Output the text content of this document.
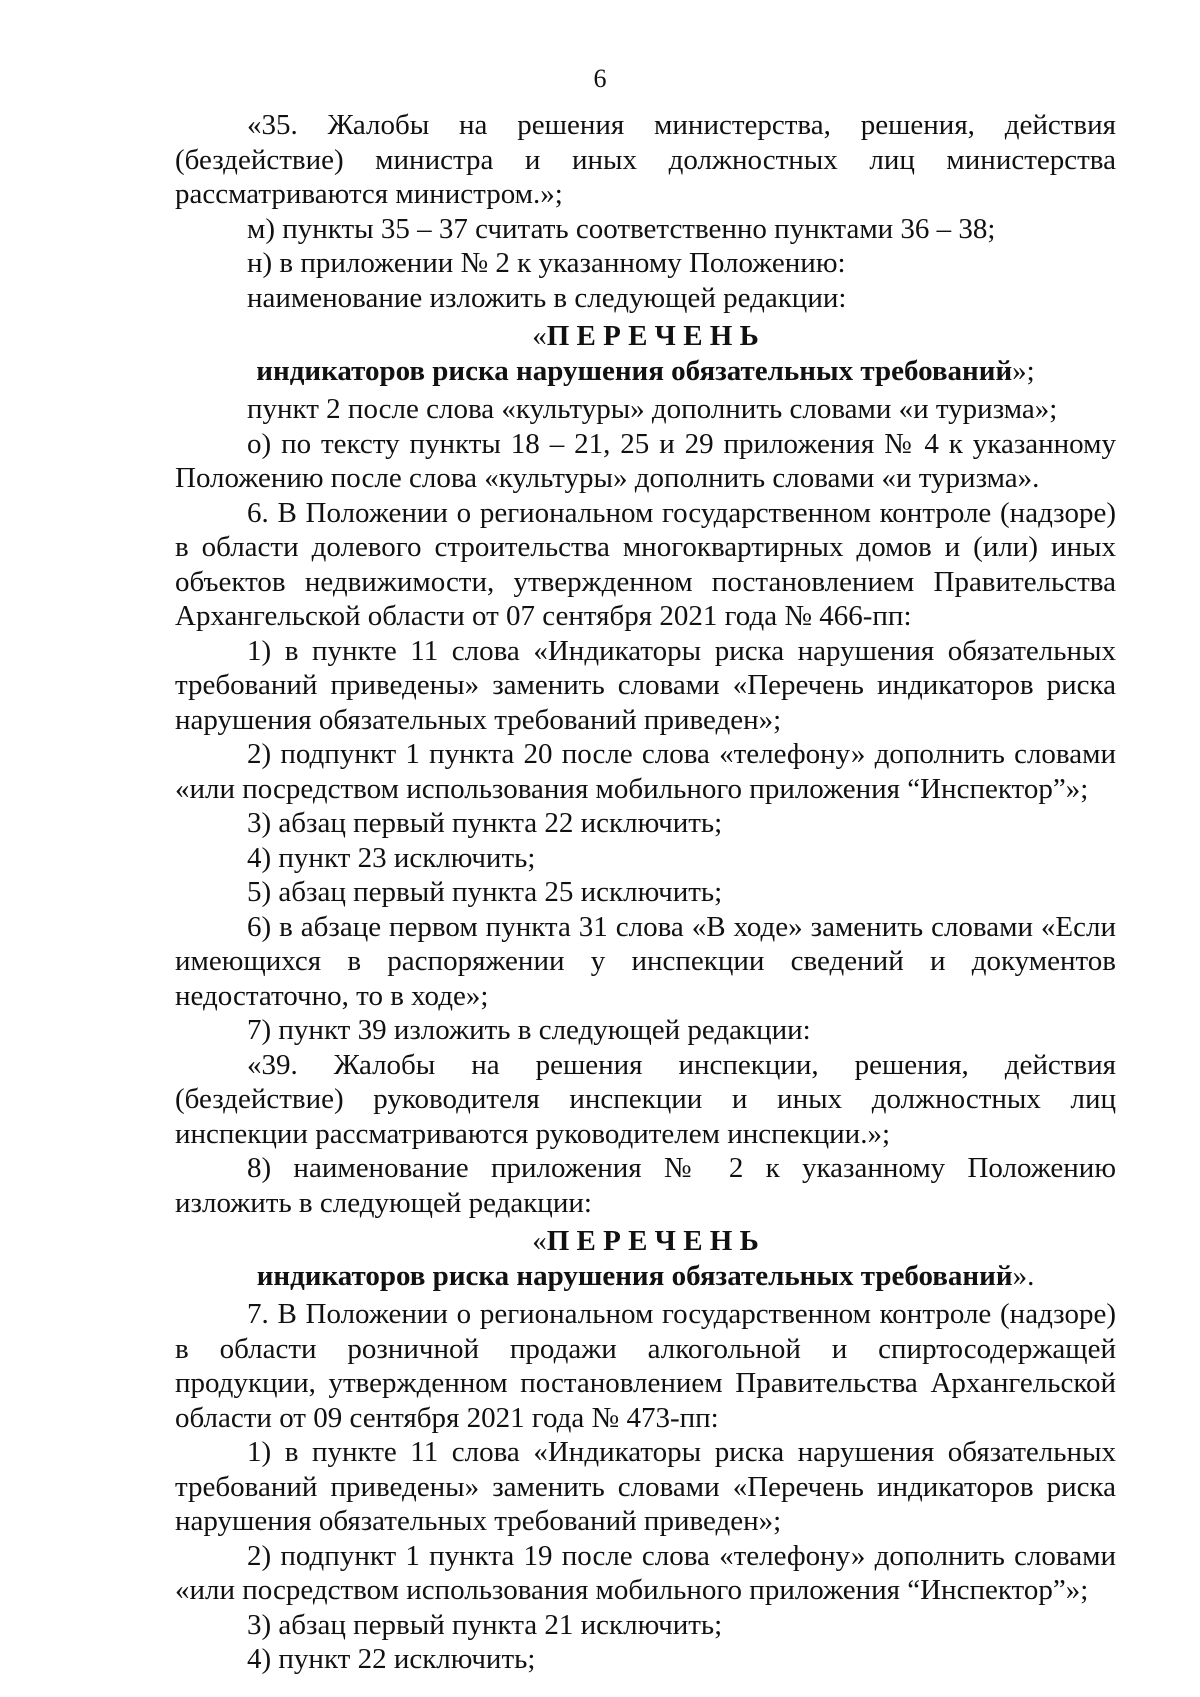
6

«35. Жалобы на решения министерства, решения, действия (бездействие) министра и иных должностных лиц министерства рассматриваются министром.»;

м) пункты 35 – 37 считать соответственно пунктами 36 – 38;

н) в приложении № 2 к указанному Положению:

наименование изложить в следующей редакции:

«П Е Р Е Ч Е Н Ь

индикаторов риска нарушения обязательных требований»;

пункт 2 после слова «культуры» дополнить словами «и туризма»;

о) по тексту пункты 18 – 21, 25 и 29 приложения № 4 к указанному Положению после слова «культуры» дополнить словами «и туризма».

6. В Положении о региональном государственном контроле (надзоре) в области долевого строительства многоквартирных домов и (или) иных объектов недвижимости, утвержденном постановлением Правительства Архангельской области от 07 сентября 2021 года № 466-пп:

1) в пункте 11 слова «Индикаторы риска нарушения обязательных требований приведены» заменить словами «Перечень индикаторов риска нарушения обязательных требований приведен»;

2) подпункт 1 пункта 20 после слова «телефону» дополнить словами «или посредством использования мобильного приложения “Инспектор”»;

3) абзац первый пункта 22 исключить;

4) пункт 23 исключить;

5) абзац первый пункта 25 исключить;

6) в абзаце первом пункта 31 слова «В ходе» заменить словами «Если имеющихся в распоряжении у инспекции сведений и документов недостаточно, то в ходе»;

7) пункт 39 изложить в следующей редакции:

«39. Жалобы на решения инспекции, решения, действия (бездействие) руководителя инспекции и иных должностных лиц инспекции рассматриваются руководителем инспекции.»;

8) наименование приложения № 2 к указанному Положению изложить в следующей редакции:

«П Е Р Е Ч Е Н Ь

индикаторов риска нарушения обязательных требований».

7. В Положении о региональном государственном контроле (надзоре) в области розничной продажи алкогольной и спиртосодержащей продукции, утвержденном постановлением Правительства Архангельской области от 09 сентября 2021 года № 473-пп:

1) в пункте 11 слова «Индикаторы риска нарушения обязательных требований приведены» заменить словами «Перечень индикаторов риска нарушения обязательных требований приведен»;

2) подпункт 1 пункта 19 после слова «телефону» дополнить словами «или посредством использования мобильного приложения “Инспектор”»;

3) абзац первый пункта 21 исключить;

4) пункт 22 исключить;
